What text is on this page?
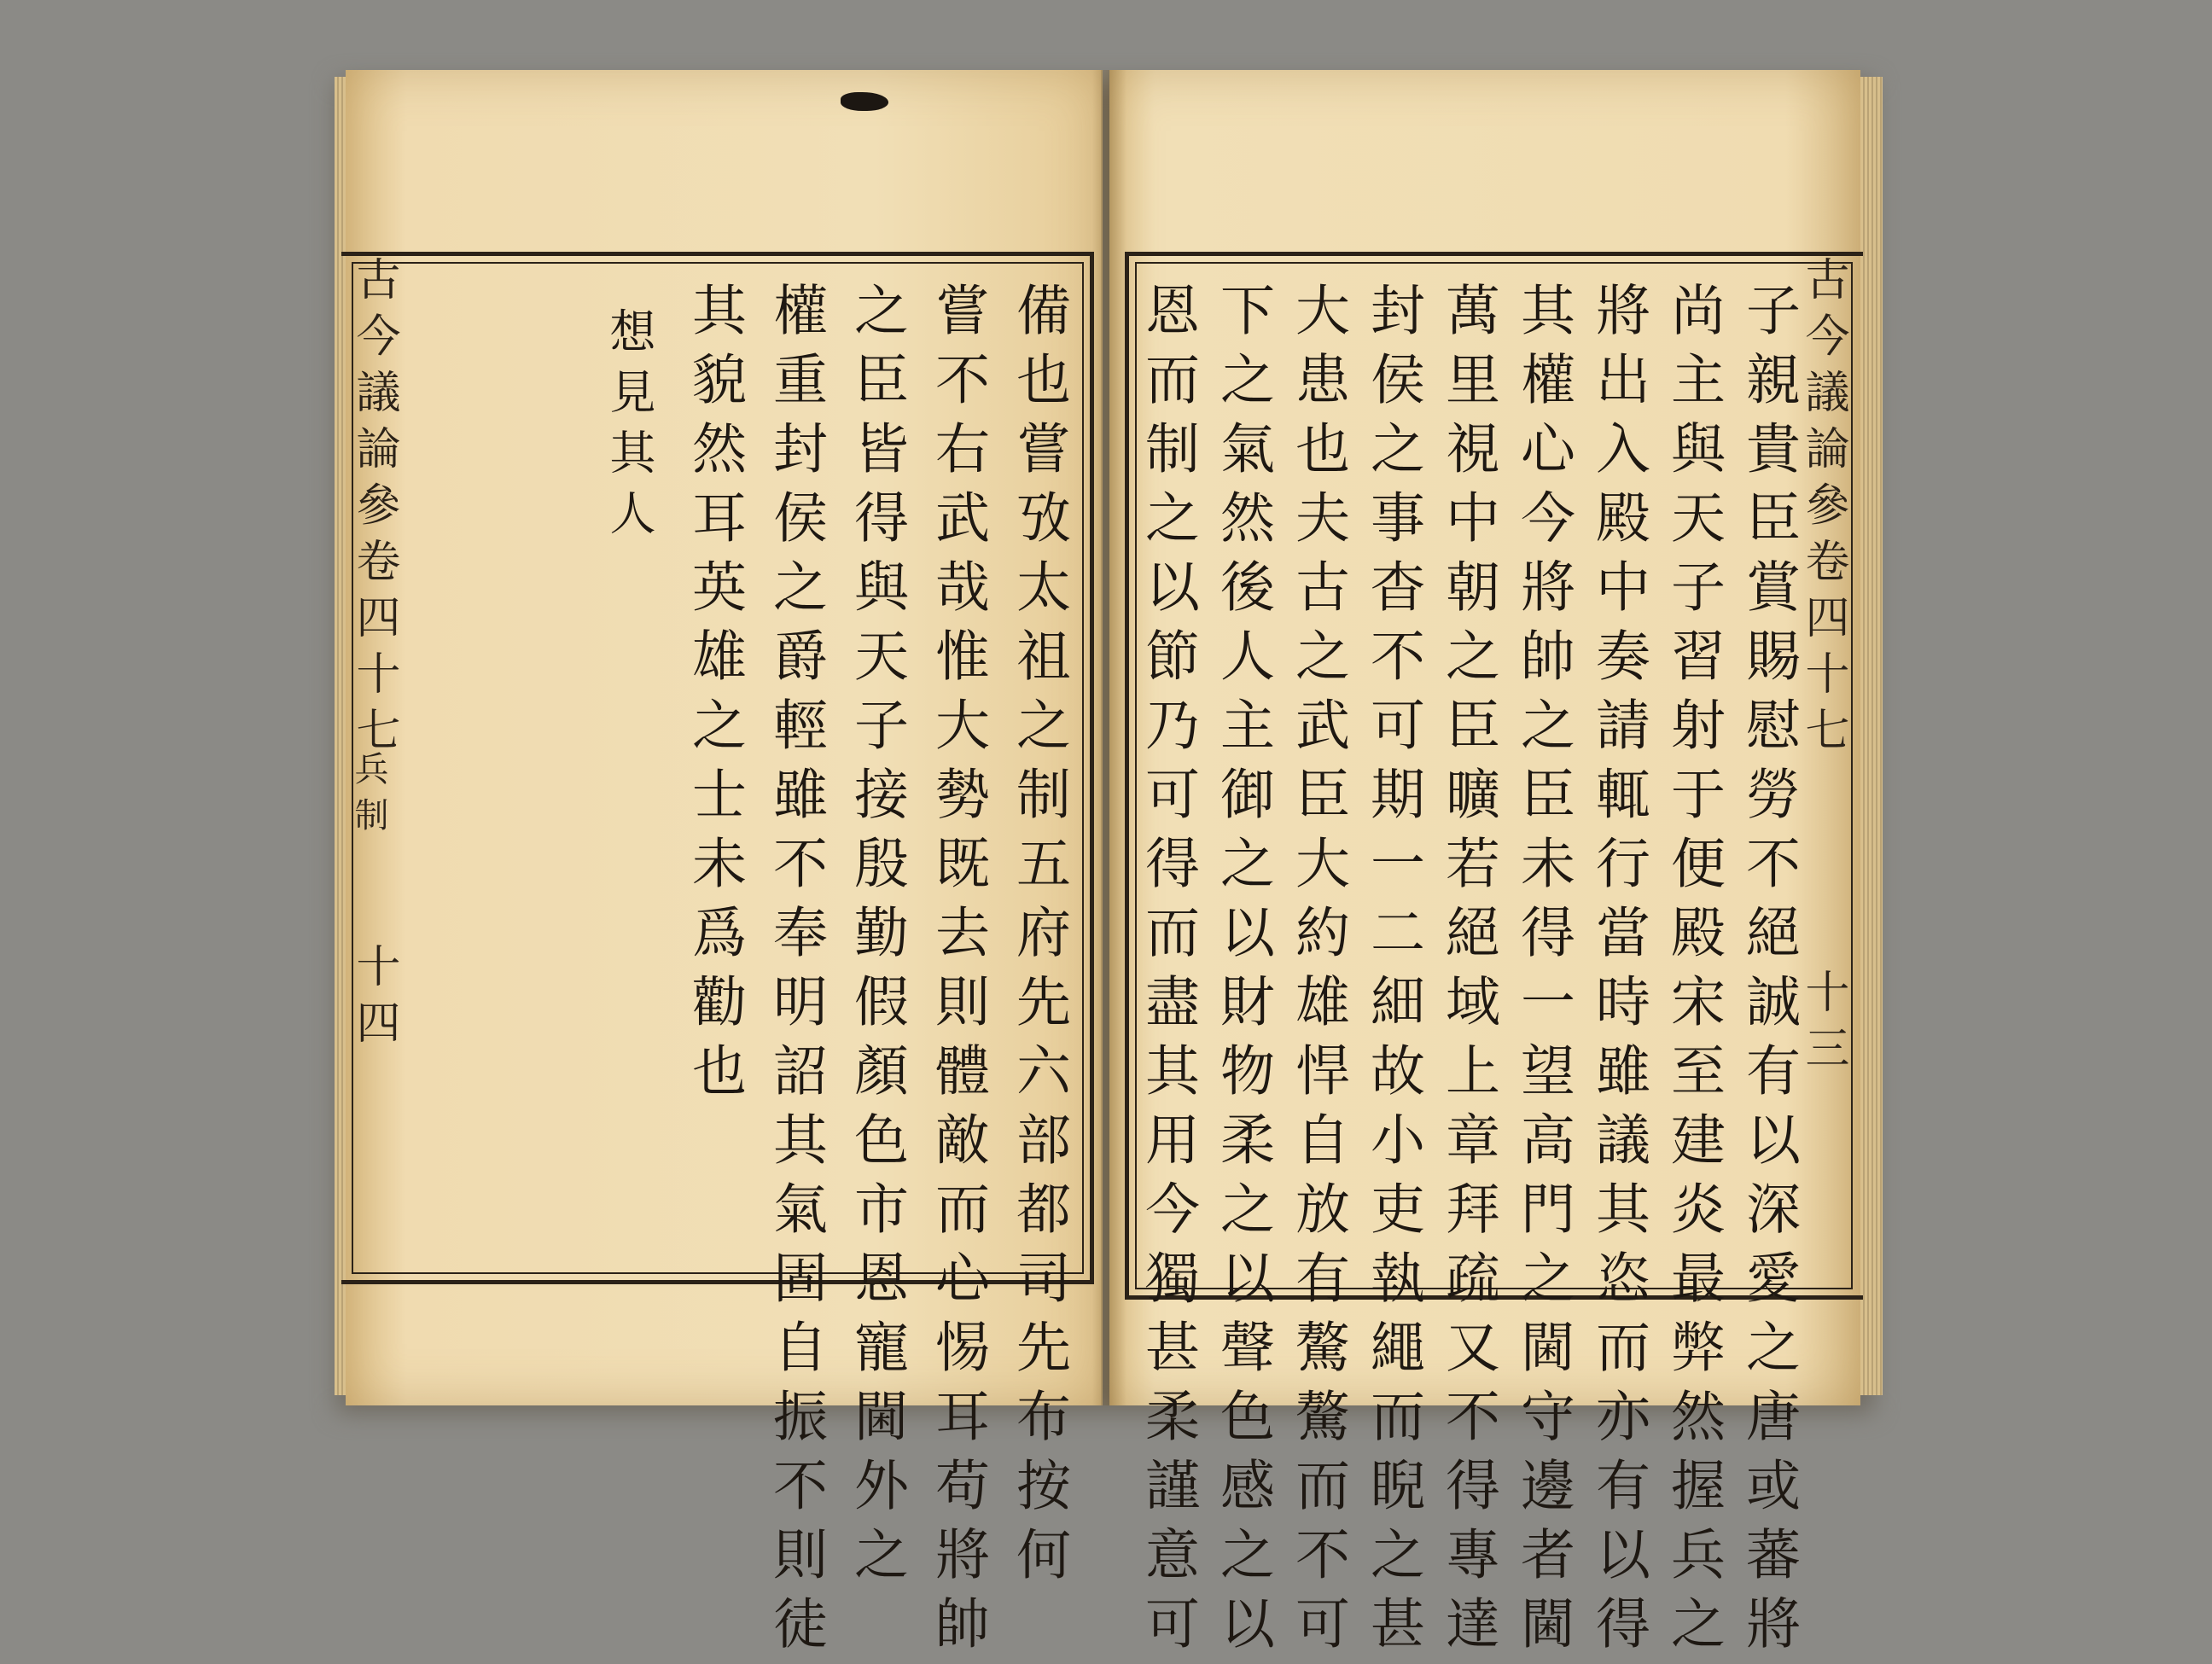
古今議論參卷四十七
兵制
十四	備也嘗攷太祖之制五府先六部都司先布按何
嘗不右武哉惟大勢既去則體敵而心惕耳苟將帥
之臣皆得與天子接殷勤假顏色市恩寵閫外之
權重封侯之爵輕雖不奉明詔其氣固自振不則徒
其貌然耳英雄之士未爲勸也
想見其人	古今議論參卷四十七
十三
子親貴臣賞賜慰勞不絕誠有以深愛之唐或蕃將
尚主與天子習射于便殿宋至建炎最弊然握兵之
將出入殿中奏請輒行當時雖議其恣而亦有以得
其權心今將帥之臣未得一望高門之閫守邊者閫
萬里視中朝之臣曠若絕域上章拜疏又不得專達
封侯之事杳不可期一二細故小吏執繩而睨之甚
大患也夫古之武臣大約雄悍自放有驁驁而不可
下之氣然後人主御之以財物柔之以聲色感之以
恩而制之以節乃可得而盡其用今獨甚柔謹意可
